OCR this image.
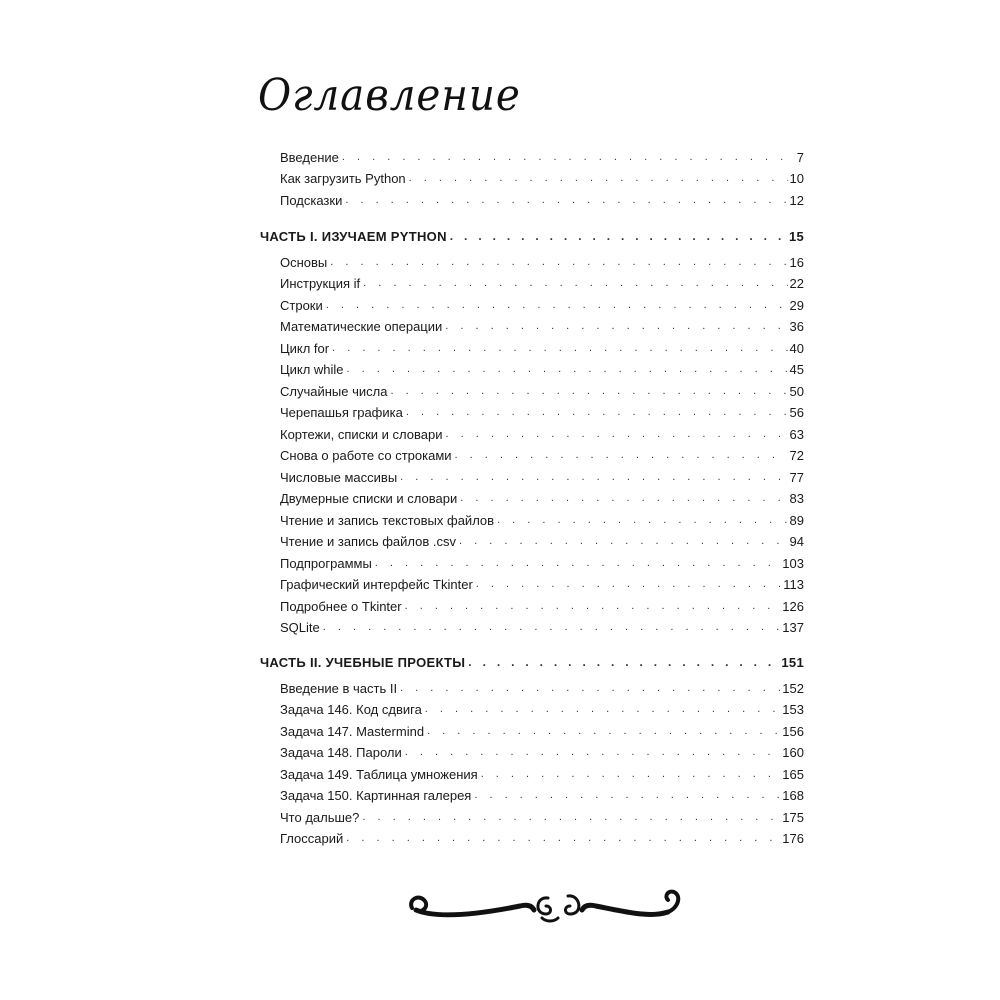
Оглавление
Введение . . .	7
Как загрузить Python . . .	10
Подсказки . . .	12
ЧАСТЬ I. ИЗУЧАЕМ PYTHON . . .	15
Основы . . .	16
Инструкция if . . .	22
Строки . . .	29
Математические операции . . .	36
Цикл for . . .	40
Цикл while . . .	45
Случайные числа . . .	50
Черепашья графика . . .	56
Кортежи, списки и словари . . .	63
Снова о работе со строками . . .	72
Числовые массивы . . .	77
Двумерные списки и словари . . .	83
Чтение и запись текстовых файлов . . .	89
Чтение и запись файлов .csv . . .	94
Подпрограммы . . .	103
Графический интерфейс Tkinter . . .	113
Подробнее о Tkinter . . .	126
SQLite . . .	137
ЧАСТЬ II. УЧЕБНЫЕ ПРОЕКТЫ . . .	151
Введение в часть II . . .	152
Задача 146. Код сдвига . . .	153
Задача 147. Mastermind . . .	156
Задача 148. Пароли . . .	160
Задача 149. Таблица умножения . . .	165
Задача 150. Картинная галерея . . .	168
Что дальше? . . .	175
Глоссарий . . .	176
